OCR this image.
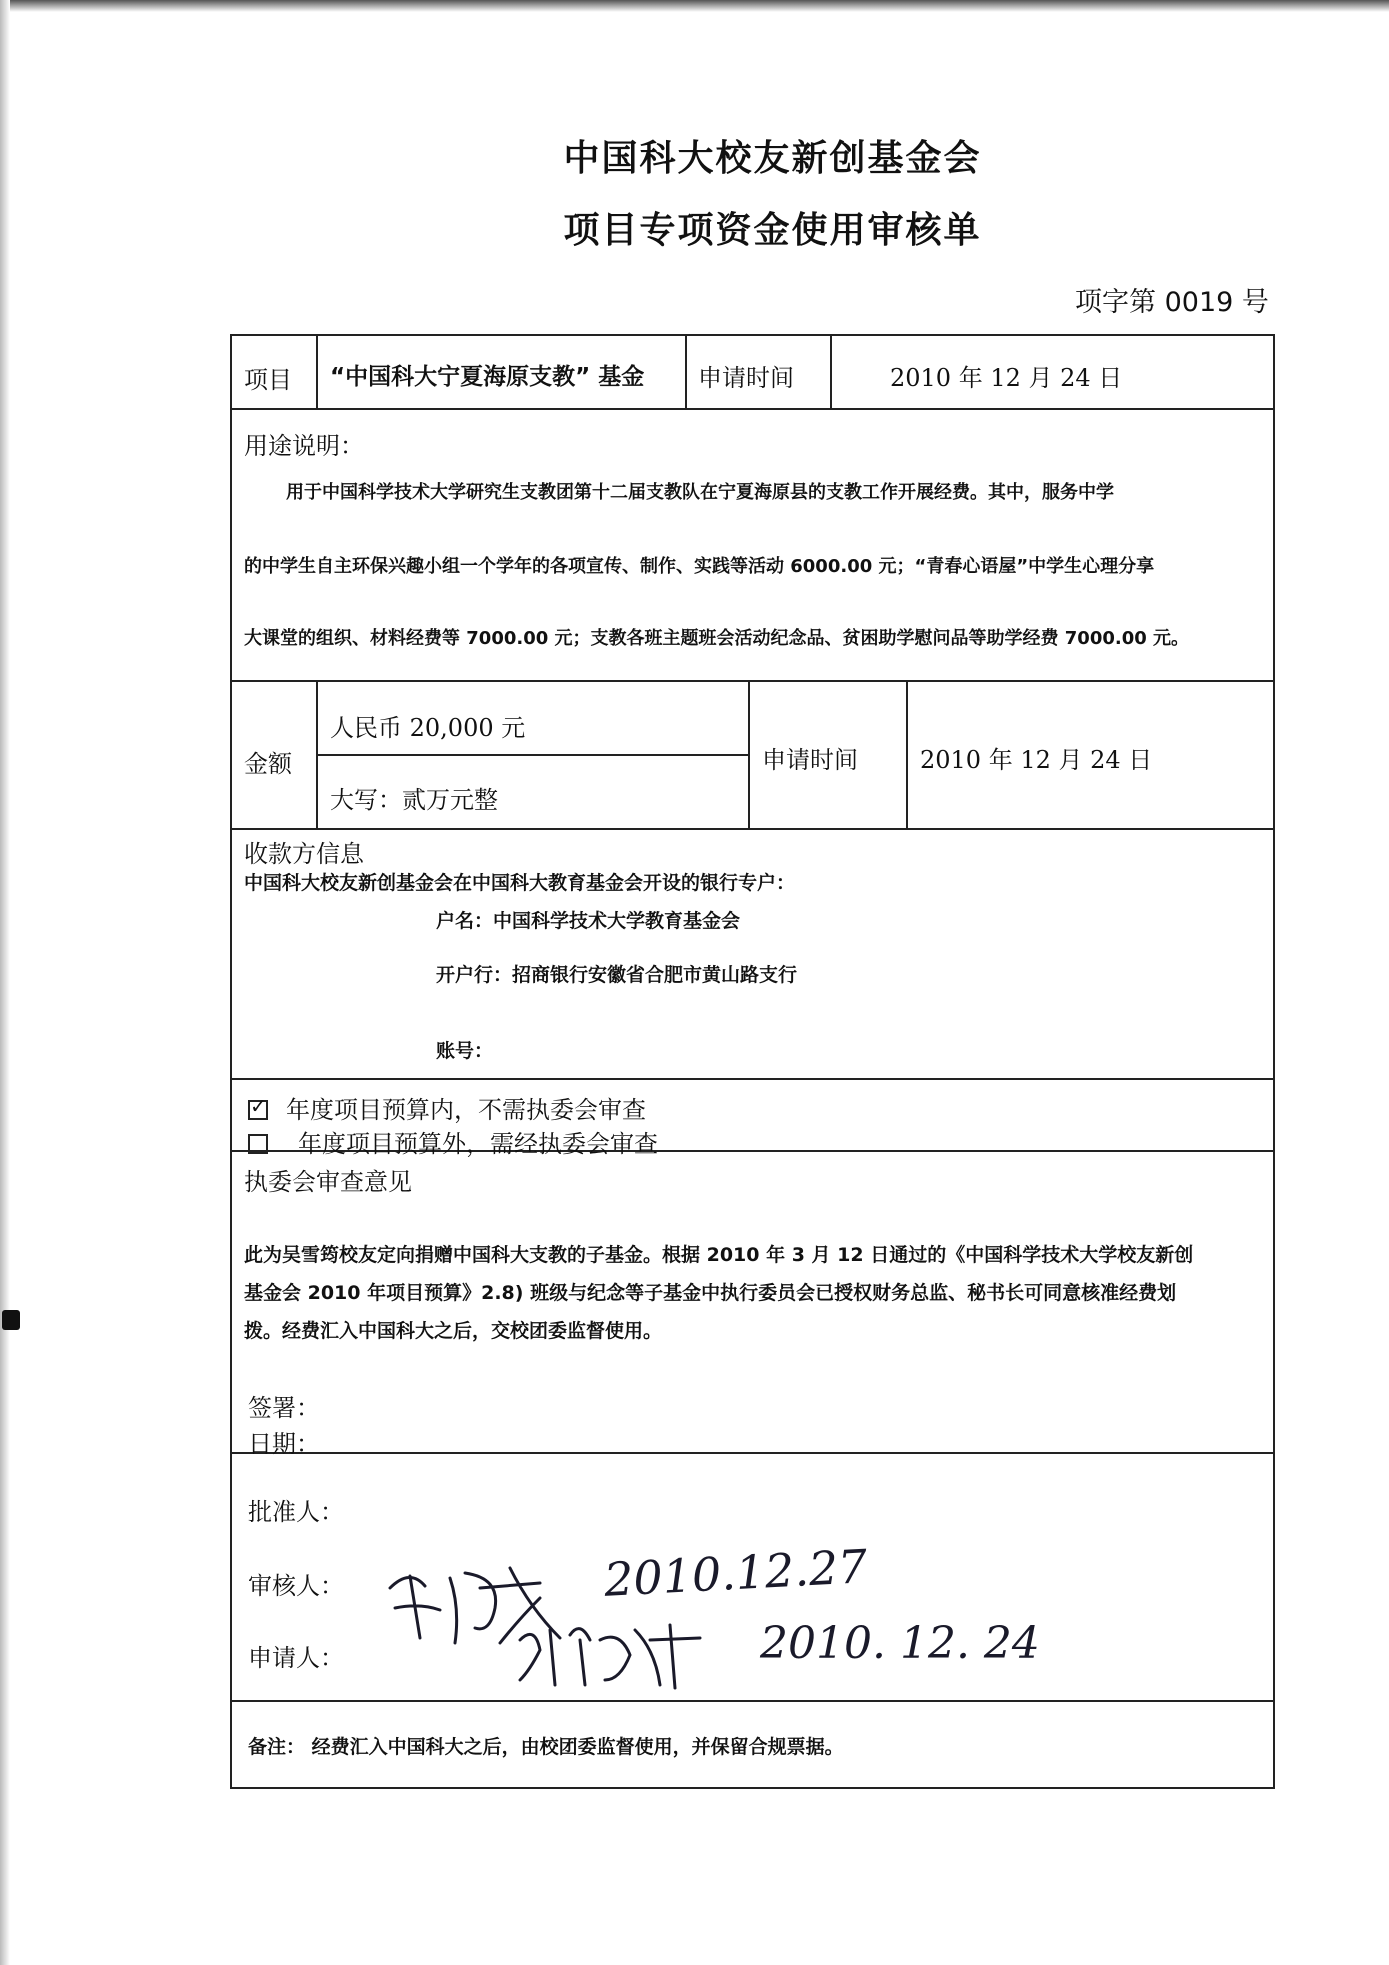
中国科大校友新创基金会
项目专项资金使用审核单
项字第 0019 号
项目 “中国科大宁夏海原支教” 基金 申请时间	2010 年 12 月 24 日
用途说明：
用于中国科学技术大学研究生支教团第十二届支教队在宁夏海原县的支教工作开展经费。其中，服务中学
的中学生自主环保兴趣小组一个学年的各项宣传、制作、实践等活动 6000.00 元；“青春心语屋”中学生心理分享
大课堂的组织、材料经费等 7000.00 元；支教各班主题班会活动纪念品、贫困助学慰问品等助学经费 7000.00 元。
金额
人民币 20,000 元
大写：贰万元整
申请时间	2010 年 12 月 24 日
收款方信息
中国科大校友新创基金会在中国科大教育基金会开设的银行专户：
户名：中国科学技术大学教育基金会
开户行：招商银行安徽省合肥市黄山路支行
账号：
✓年度项目预算内，不需执委会审查
年度项目预算外，需经执委会审查
执委会审查意见
此为吴雪筠校友定向捐赠中国科大支教的子基金。根据 2010 年 3 月 12 日通过的《中国科学技术大学校友新创
基金会 2010 年项目预算》2.8) 班级与纪念等子基金中执行委员会已授权财务总监、秘书长可同意核准经费划
拨。经费汇入中国科大之后，交校团委监督使用。
签署：
日期：
批准人：
审核人：
申请人：
2010.12.27
2010. 12. 24
备注： 经费汇入中国科大之后，由校团委监督使用，并保留合规票据。
